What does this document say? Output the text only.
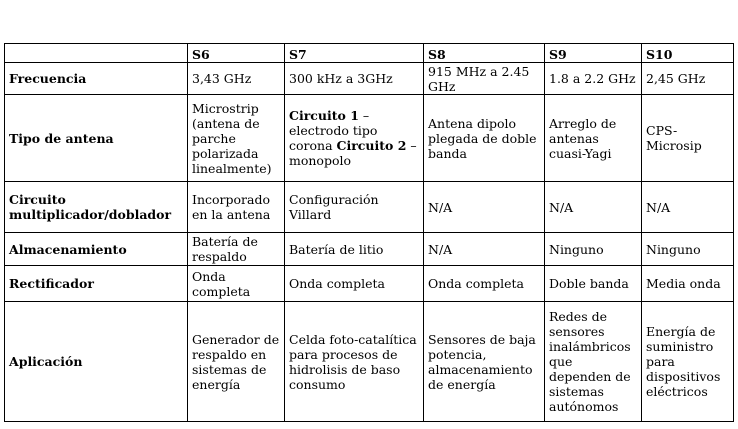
	S6	S7	S8	S9	S10
Frecuencia	3,43 GHz	300 kHz a 3GHz	915 MHz a 2.45 GHz	1.8 a 2.2 GHz	2,45 GHz
Tipo de antena	Microstrip (antena de parche polarizada linealmente)	Circuito 1 – electrodo tipo corona Circuito 2 – monopolo	Antena dipolo plegada de doble banda	Arreglo de antenas cuasi-Yagi	CPS-Microsip
Circuito multiplicador/doblador	Incorporado en la antena	Configuración Villard	N/A	N/A	N/A
Almacenamiento	Batería de respaldo	Batería de litio	N/A	Ninguno	Ninguno
Rectificador	Onda completa	Onda completa	Onda completa	Doble banda	Media onda
Aplicación	Generador de respaldo en sistemas de energía	Celda foto-catalítica para procesos de hidrolisis de baso consumo	Sensores de baja potencia, almacenamiento de energía	Redes de sensores inalámbricos que dependen de sistemas autónomos	Energía de suministro para dispositivos eléctricos
